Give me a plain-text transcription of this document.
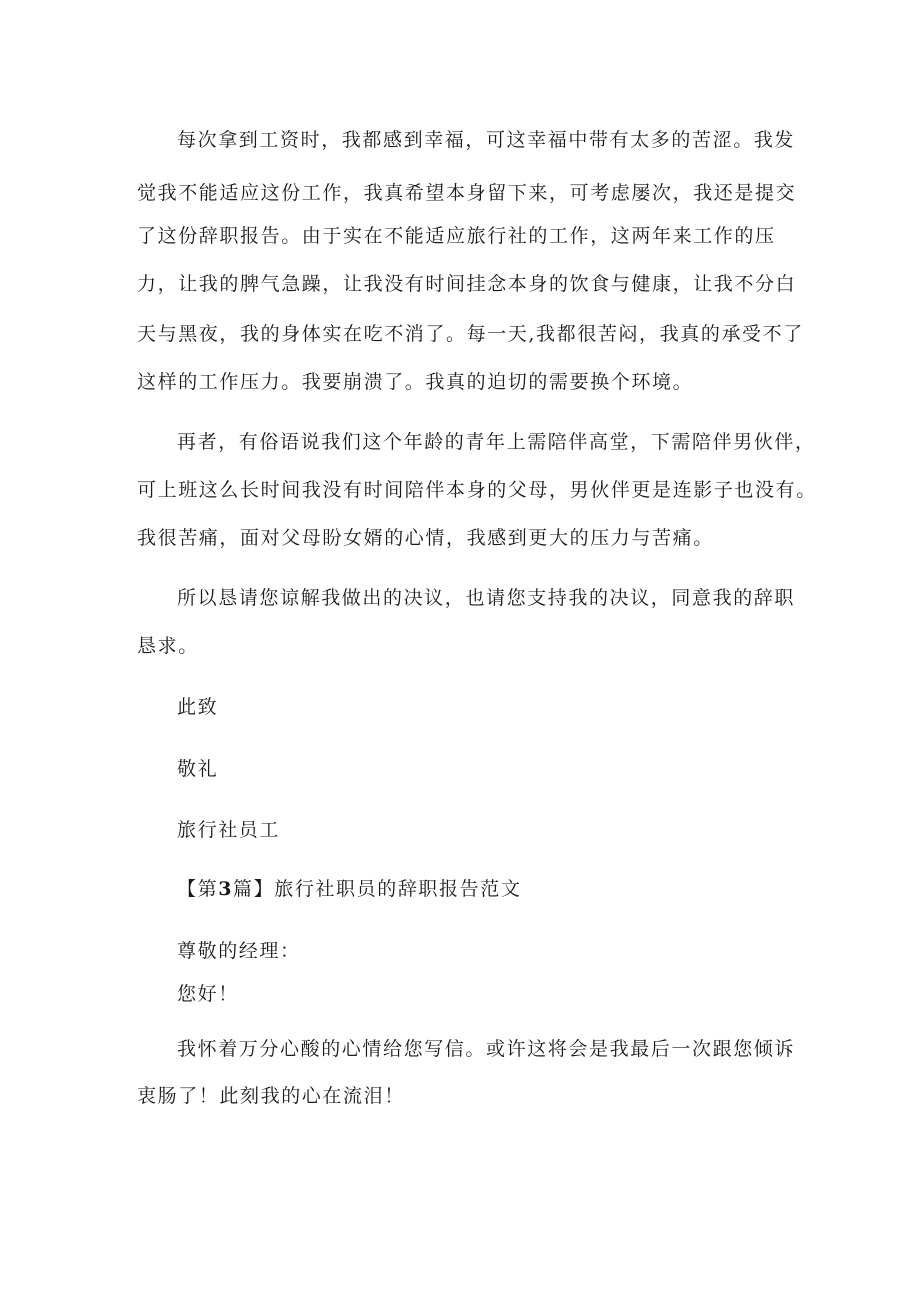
每次拿到工资时，我都感到幸福，可这幸福中带有太多的苦涩。我发
觉我不能适应这份工作，我真希望本身留下来，可考虑屡次，我还是提交
了这份辞职报告。由于实在不能适应旅行社的工作，这两年来工作的压
力，让我的脾气急躁，让我没有时间挂念本身的饮食与健康，让我不分白
天与黑夜，我的身体实在吃不消了。每一天,我都很苦闷，我真的承受不了
这样的工作压力。我要崩溃了。我真的迫切的需要换个环境。
再者，有俗语说我们这个年龄的青年上需陪伴高堂，下需陪伴男伙伴，
可上班这么长时间我没有时间陪伴本身的父母，男伙伴更是连影子也没有。
我很苦痛，面对父母盼女婿的心情，我感到更大的压力与苦痛。
所以恳请您谅解我做出的决议，也请您支持我的决议，同意我的辞职
恳求。
此致
敬礼
旅行社员工
【第3篇】旅行社职员的辞职报告范文
尊敬的经理：
您好！
我怀着万分心酸的心情给您写信。或许这将会是我最后一次跟您倾诉
衷肠了！此刻我的心在流泪！
